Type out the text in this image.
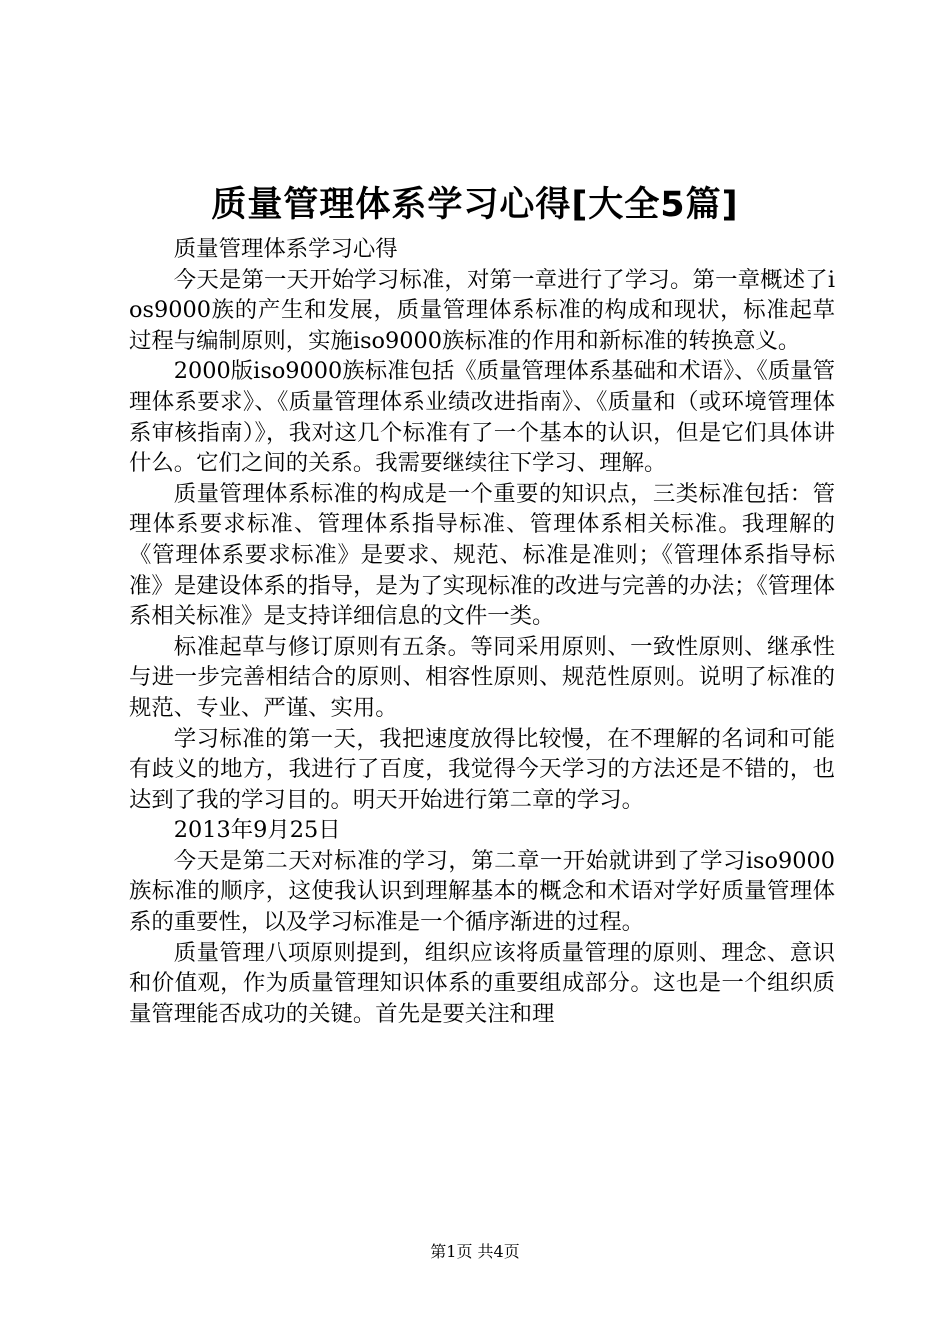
质量管理体系学习心得[大全5篇]

质量管理体系学习心得

今天是第一天开始学习标准，对第一章进行了学习。第一章概述了ios9000族的产生和发展，质量管理体系标准的构成和现状，标准起草过程与编制原则，实施iso9000族标准的作用和新标准的转换意义。

2000版iso9000族标准包括《质量管理体系基础和术语》、《质量管理体系要求》、《质量管理体系业绩改进指南》、《质量和（或环境管理体系审核指南）》，我对这几个标准有了一个基本的认识，但是它们具体讲什么。它们之间的关系。我需要继续往下学习、理解。

质量管理体系标准的构成是一个重要的知识点，三类标准包括：管理体系要求标准、管理体系指导标准、管理体系相关标准。我理解的《管理体系要求标准》是要求、规范、标准是准则；《管理体系指导标准》是建设体系的指导，是为了实现标准的改进与完善的办法；《管理体系相关标准》是支持详细信息的文件一类。

标准起草与修订原则有五条。等同采用原则、一致性原则、继承性与进一步完善相结合的原则、相容性原则、规范性原则。说明了标准的规范、专业、严谨、实用。

学习标准的第一天，我把速度放得比较慢，在不理解的名词和可能有歧义的地方，我进行了百度，我觉得今天学习的方法还是不错的，也达到了我的学习目的。明天开始进行第二章的学习。

2013年9月25日

今天是第二天对标准的学习，第二章一开始就讲到了学习iso9000族标准的顺序，这使我认识到理解基本的概念和术语对学好质量管理体系的重要性，以及学习标准是一个循序渐进的过程。

质量管理八项原则提到，组织应该将质量管理的原则、理念、意识和价值观，作为质量管理知识体系的重要组成部分。这也是一个组织质量管理能否成功的关键。首先是要关注和理

第1页 共4页
